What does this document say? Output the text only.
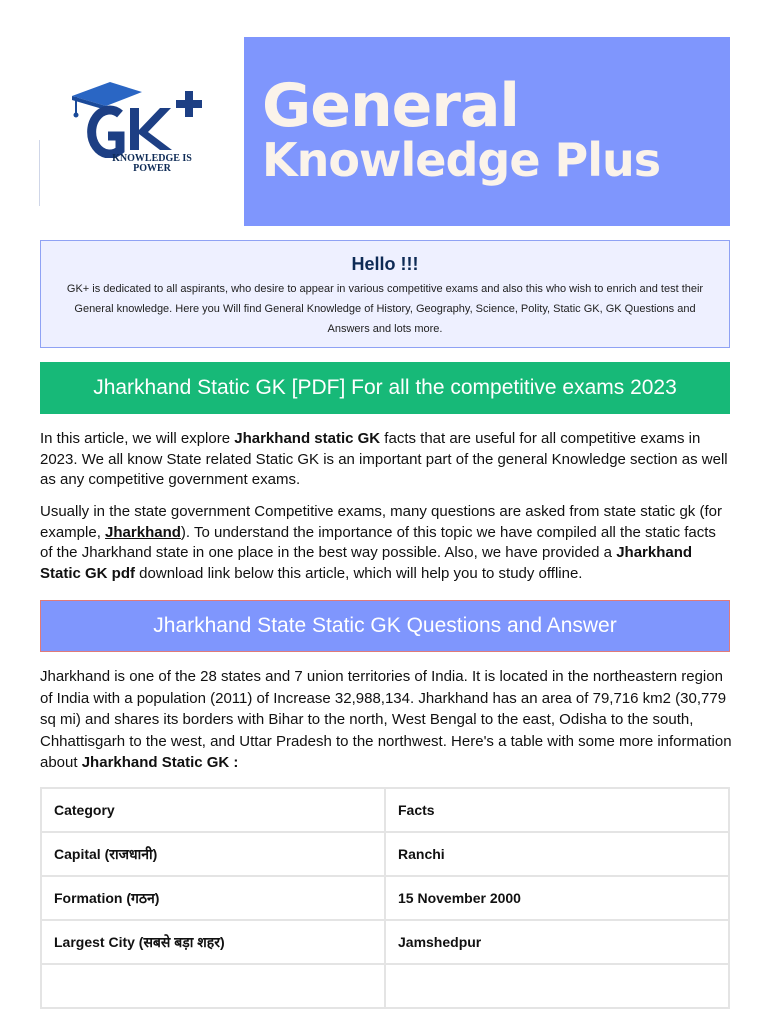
KNOWLEDGE IS
POWER
General
Knowledge Plus
Hello !!!

GK+ is dedicated to all aspirants, who desire to appear in various competitive exams and also this who wish to enrich and test their General knowledge. Here you Will find General Knowledge of History, Geography, Science, Polity, Static GK, GK Questions and Answers and lots more.

Jharkhand Static GK [PDF] For all the competitive exams 2023

In this article, we will explore Jharkhand static GK facts that are useful for all competitive exams in 2023. We all know State related Static GK is an important part of the general Knowledge section as well as any competitive government exams.

Usually in the state government Competitive exams, many questions are asked from state static gk (for example, Jharkhand). To understand the importance of this topic we have compiled all the static facts of the Jharkhand state in one place in the best way possible. Also, we have provided a Jharkhand Static GK pdf download link below this article, which will help you to study offline.

Jharkhand State Static GK Questions and Answer

Jharkhand is one of the 28 states and 7 union territories of India. It is located in the northeastern region of India with a population (2011) of Increase 32,988,134. Jharkhand has an area of 79,716 km2 (30,779 sq mi) and shares its borders with Bihar to the north, West Bengal to the east, Odisha to the south, Chhattisgarh to the west, and Uttar Pradesh to the northwest. Here's a table with some more information about Jharkhand Static GK :

Category	Facts
Capital (राजधानी)	Ranchi
Formation (गठन)	15 November 2000
Largest City (सबसे बड़ा शहर)	Jamshedpur
